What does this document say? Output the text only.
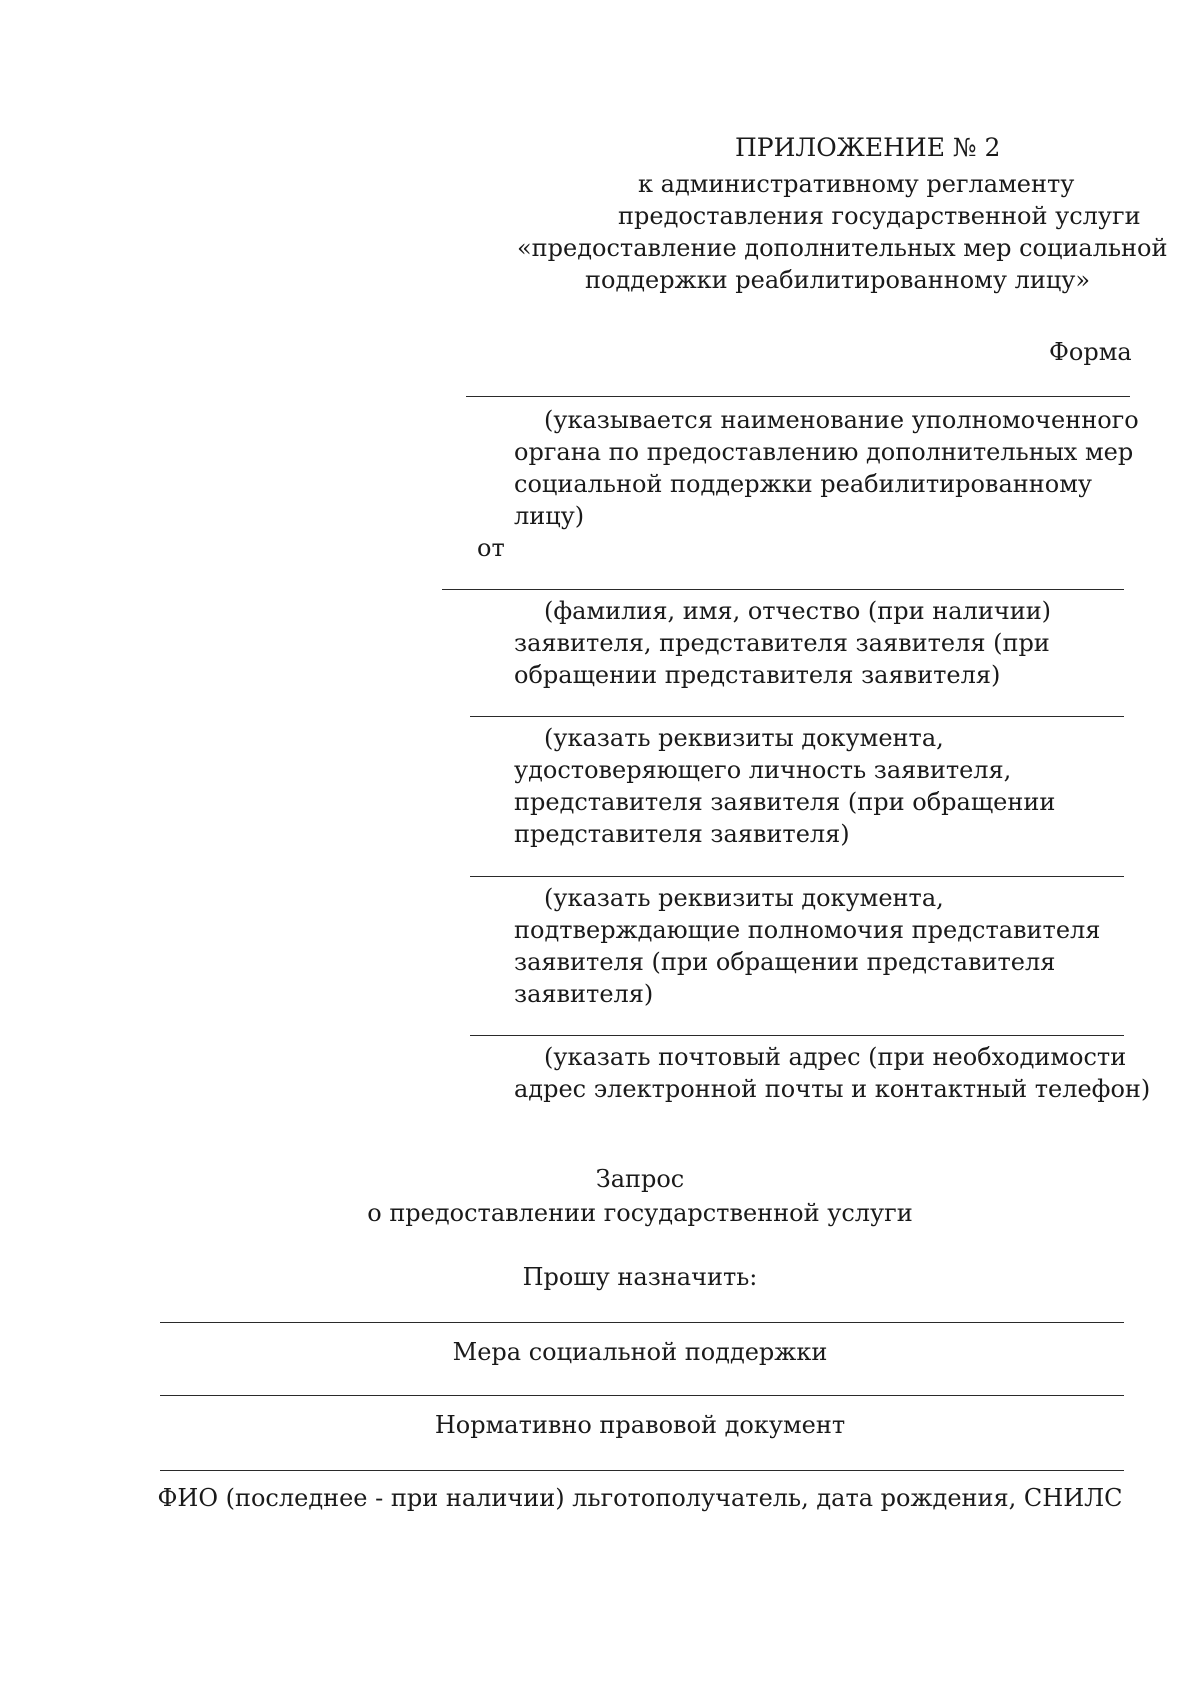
ПРИЛОЖЕНИЕ № 2
к административному регламенту
предоставления государственной услуги
«предоставление дополнительных мер социальной
поддержки реабилитированному лицу»
Форма
(указывается наименование уполномоченного
органа по предоставлению дополнительных мер
социальной поддержки реабилитированному
лицу)
от
(фамилия, имя, отчество (при наличии)
заявителя, представителя заявителя (при
обращении представителя заявителя)
(указать реквизиты документа,
удостоверяющего личность заявителя,
представителя заявителя (при обращении
представителя заявителя)
(указать реквизиты документа,
подтверждающие полномочия представителя
заявителя (при обращении представителя
заявителя)
(указать почтовый адрес (при необходимости
адрес электронной почты и контактный телефон)
Запрос
о предоставлении государственной услуги
Прошу назначить:
Мера социальной поддержки
Нормативно правовой документ
ФИО (последнее - при наличии) льготополучатель, дата рождения, СНИЛС
